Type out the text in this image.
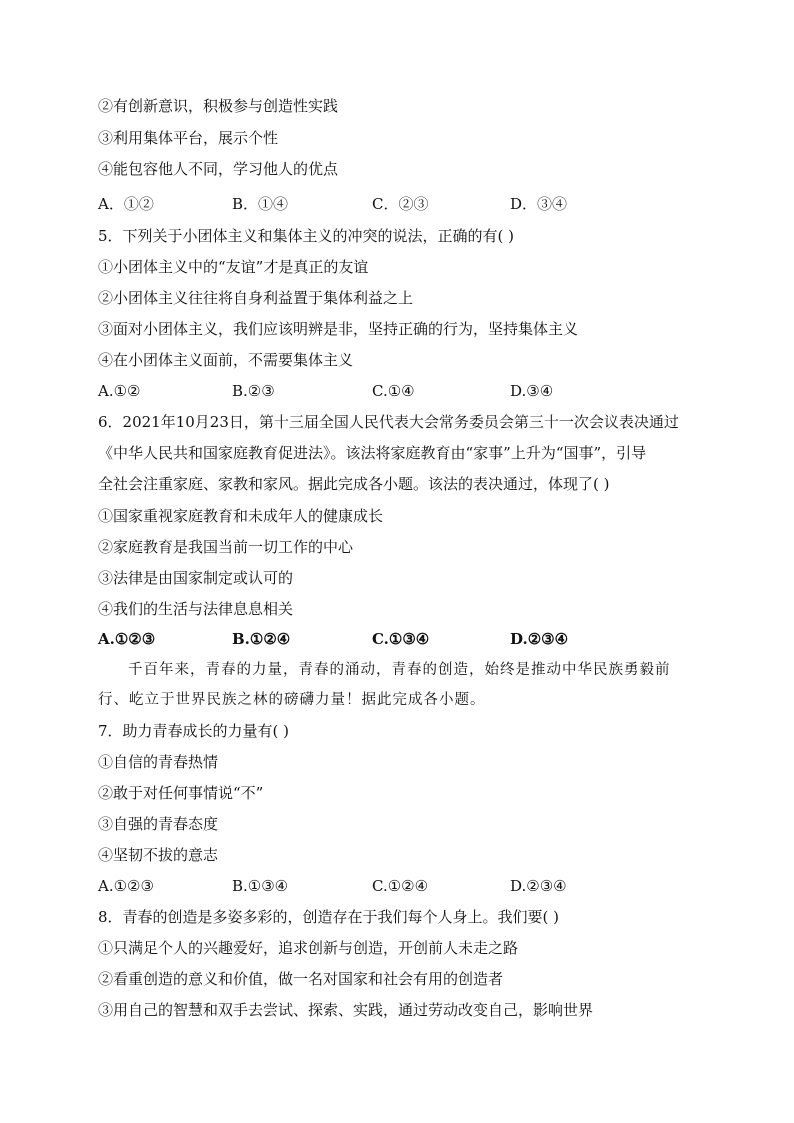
②有创新意识，积极参与创造性实践
③利用集体平台，展示个性
④能包容他人不同，学习他人的优点
A．①②	B．①④	C．②③	D．③④
5．下列关于小团体主义和集体主义的冲突的说法，正确的有( )
①小团体主义中的“友谊”才是真正的友谊
②小团体主义往往将自身利益置于集体利益之上
③面对小团体主义，我们应该明辨是非，坚持正确的行为，坚持集体主义
④在小团体主义面前，不需要集体主义
A.①②	B.②③	C.①④	D.③④
6．2021年10月23日，第十三届全国人民代表大会常务委员会第三十一次会议表决通过
《中华人民共和国家庭教育促进法》。该法将家庭教育由“家事”上升为“国事”，引导
全社会注重家庭、家教和家风。据此完成各小题。该法的表决通过，体现了( )
①国家重视家庭教育和未成年人的健康成长
②家庭教育是我国当前一切工作的中心
③法律是由国家制定或认可的
④我们的生活与法律息息相关
A.①②③	B.①②④	C.①③④	D.②③④
千百年来，青春的力量，青春的涌动，青春的创造，始终是推动中华民族勇毅前
行、屹立于世界民族之林的磅礴力量！据此完成各小题。
7．助力青春成长的力量有( )
①自信的青春热情
②敢于对任何事情说“不”
③自强的青春态度
④坚韧不拔的意志
A.①②③	B.①③④	C.①②④	D.②③④
8．青春的创造是多姿多彩的，创造存在于我们每个人身上。我们要( )
①只满足个人的兴趣爱好，追求创新与创造，开创前人未走之路
②看重创造的意义和价值，做一名对国家和社会有用的创造者
③用自己的智慧和双手去尝试、探索、实践，通过劳动改变自己，影响世界
